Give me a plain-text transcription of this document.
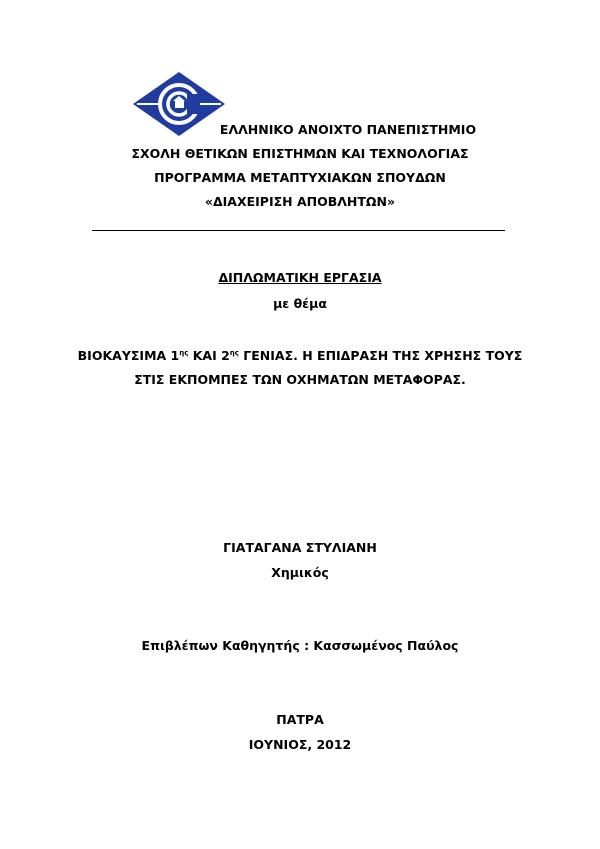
ΕΛΛΗΝΙΚΟ ΑΝΟΙΧΤΟ ΠΑΝΕΠΙΣΤΗΜΙΟ
ΣΧΟΛΗ ΘΕΤΙΚΩΝ ΕΠΙΣΤΗΜΩΝ ΚΑΙ ΤΕΧΝΟΛΟΓΙΑΣ
ΠΡΟΓΡΑΜΜΑ ΜΕΤΑΠΤΥΧΙΑΚΩΝ ΣΠΟΥΔΩΝ
«ΔΙΑΧΕΙΡΙΣΗ ΑΠΟΒΛΗΤΩΝ»
ΔΙΠΛΩΜΑΤΙΚΗ ΕΡΓΑΣΙΑ
με θέμα
ΒΙΟΚΑΥΣΙΜΑ $1^{\eta\varsigma}$ ΚΑΙ $2^{\eta\varsigma}$ ΓΕΝΙΑΣ. Η ΕΠΙΔΡΑΣΗ ΤΗΣ ΧΡΗΣΗΣ ΤΟΥΣ
ΣΤΙΣ ΕΚΠΟΜΠΕΣ ΤΩΝ ΟΧΗΜΑΤΩΝ ΜΕΤΑΦΟΡΑΣ.
ΓΙΑΤΑΓΑΝΑ ΣΤΥΛΙΑΝΗ
Χημικός
Επιβλέπων Καθηγητής : Κασσωμένος Παύλος
ΠΑΤΡΑ
ΙΟΥΝΙΟΣ, 2012
